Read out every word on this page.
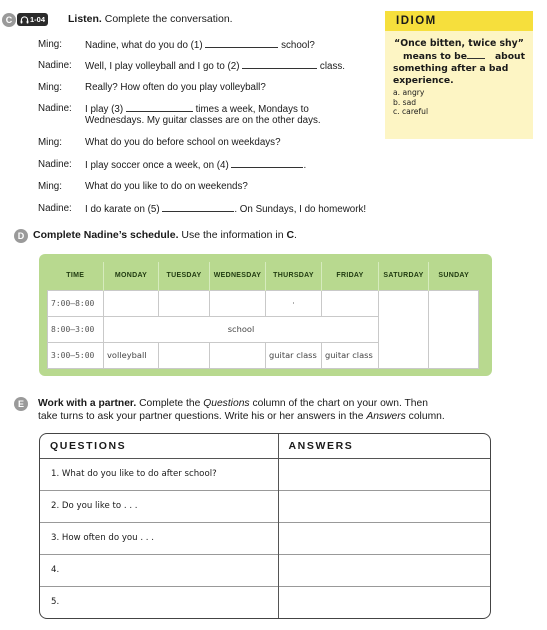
C 1-04 Listen. Complete the conversation.
Ming: Nadine, what do you do (1)	school?
Nadine: Well, I play volleyball and I go to (2)	class.
Ming: Really? How often do you play volleyball?
Nadine: I play (3)	times a week, Mondays to
Wednesdays. My guitar classes are on the other days.
Ming: What do you do before school on weekdays?
Nadine: I play soccer once a week, on (4)	.
Ming: What do you like to do on weekends?
Nadine: I do karate on (5)	. On Sundays, I do homework!
IDIOM
“Once bitten, twice shy”
means to be	about
something after a bad
experience.
a. angry
b. sad
c. careful
D Complete Nadine’s schedule. Use the information in C.
TIME	MONDAY	TUESDAY	WEDNESDAY	THURSDAY	FRIDAY	SATURDAY	SUNDAY
7:00–8:00				·			
8:00–3:00	school						
3:00–5:00	volleyball			guitar class	guitar class		
E Work with a partner. Complete the Questions column of the chart on your own. Then
take turns to ask your partner questions. Write his or her answers in the Answers column.
QUESTIONS	ANSWERS
1. What do you like to do after school?	
2. Do you like to . . .	
3. How often do you . . .	
4.	
5.	
